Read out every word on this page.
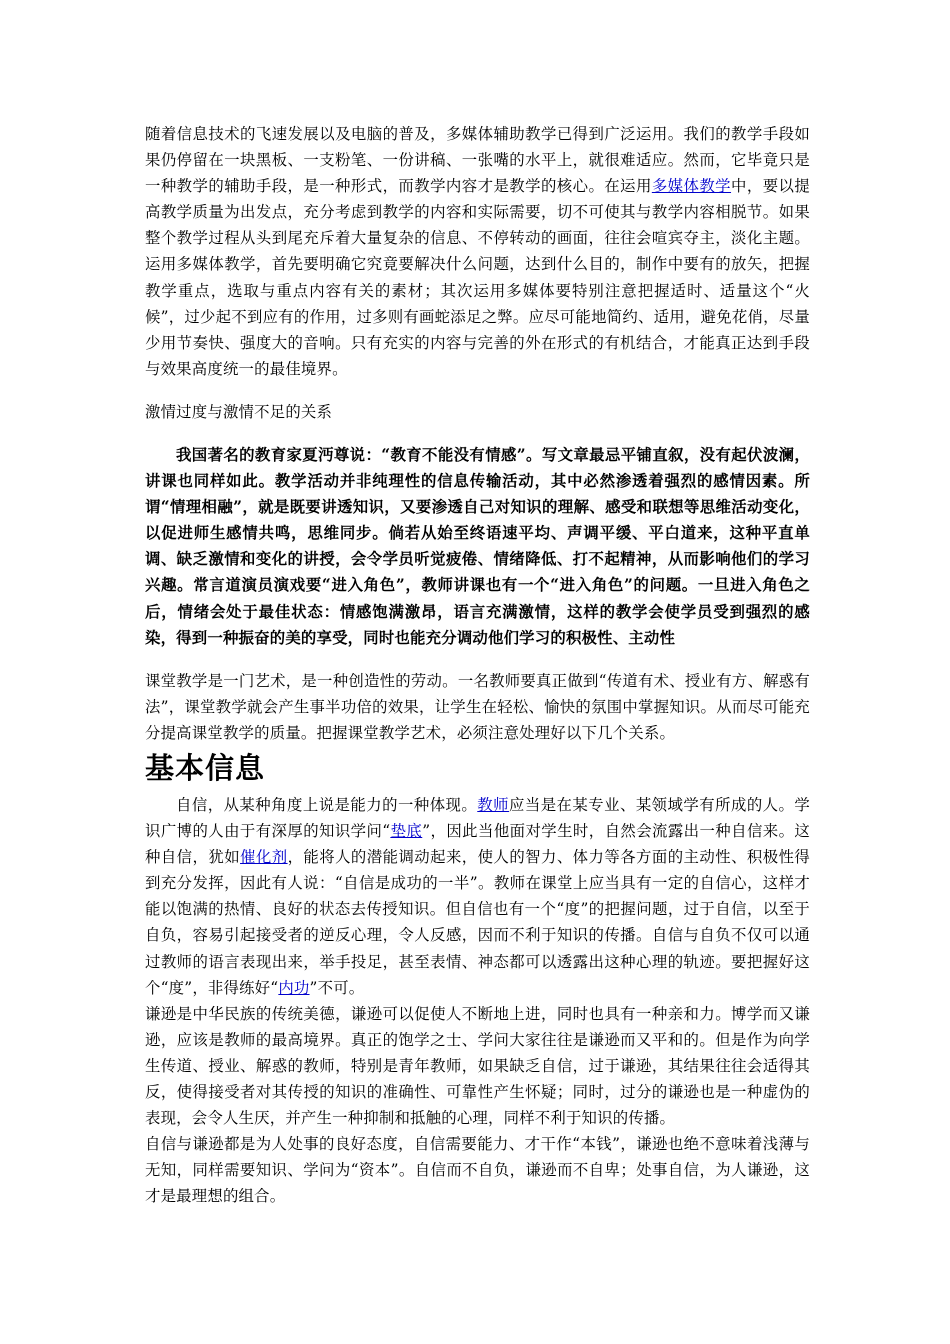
随着信息技术的飞速发展以及电脑的普及，多媒体辅助教学已得到广泛运用。我们的教学手段如果仍停留在一块黑板、一支粉笔、一份讲稿、一张嘴的水平上，就很难适应。然而，它毕竟只是一种教学的辅助手段，是一种形式，而教学内容才是教学的核心。在运用多媒体教学中，要以提高教学质量为出发点，充分考虑到教学的内容和实际需要，切不可使其与教学内容相脱节。如果整个教学过程从头到尾充斥着大量复杂的信息、不停转动的画面，往往会喧宾夺主，淡化主题。运用多媒体教学，首先要明确它究竟要解决什么问题，达到什么目的，制作中要有的放矢，把握教学重点，选取与重点内容有关的素材；其次运用多媒体要特别注意把握适时、适量这个“火候”，过少起不到应有的作用，过多则有画蛇添足之弊。应尽可能地简约、适用，避免花俏，尽量少用节奏快、强度大的音响。只有充实的内容与完善的外在形式的有机结合，才能真正达到手段与效果高度统一的最佳境界。

激情过度与激情不足的关系

我国著名的教育家夏沔尊说：“教育不能没有情感”。写文章最忌平铺直叙，没有起伏波澜，讲课也同样如此。教学活动并非纯理性的信息传输活动，其中必然渗透着强烈的感情因素。所谓“情理相融”，就是既要讲透知识，又要渗透自己对知识的理解、感受和联想等思维活动变化，以促进师生感情共鸣，思维同步。倘若从始至终语速平均、声调平缓、平白道来，这种平直单调、缺乏激情和变化的讲授，会令学员听觉疲倦、情绪降低、打不起精神，从而影响他们的学习兴趣。常言道演员演戏要“进入角色”，教师讲课也有一个“进入角色”的问题。一旦进入角色之后，情绪会处于最佳状态：情感饱满激昂，语言充满激情，这样的教学会使学员受到强烈的感染，得到一种振奋的美的享受，同时也能充分调动他们学习的积极性、主动性

课堂教学是一门艺术，是一种创造性的劳动。一名教师要真正做到“传道有术、授业有方、解惑有法”，课堂教学就会产生事半功倍的效果，让学生在轻松、愉快的氛围中掌握知识。从而尽可能充分提高课堂教学的质量。把握课堂教学艺术，必须注意处理好以下几个关系。

基本信息

自信，从某种角度上说是能力的一种体现。教师应当是在某专业、某领域学有所成的人。学识广博的人由于有深厚的知识学问“垫底”，因此当他面对学生时，自然会流露出一种自信来。这种自信，犹如催化剂，能将人的潜能调动起来，使人的智力、体力等各方面的主动性、积极性得到充分发挥，因此有人说：“自信是成功的一半”。教师在课堂上应当具有一定的自信心，这样才能以饱满的热情、良好的状态去传授知识。但自信也有一个“度”的把握问题，过于自信，以至于自负，容易引起接受者的逆反心理，令人反感，因而不利于知识的传播。自信与自负不仅可以通过教师的语言表现出来，举手投足，甚至表情、神态都可以透露出这种心理的轨迹。要把握好这个“度”，非得练好“内功”不可。

谦逊是中华民族的传统美德，谦逊可以促使人不断地上进，同时也具有一种亲和力。博学而又谦逊，应该是教师的最高境界。真正的饱学之士、学问大家往往是谦逊而又平和的。但是作为向学生传道、授业、解惑的教师，特别是青年教师，如果缺乏自信，过于谦逊，其结果往往会适得其反，使得接受者对其传授的知识的准确性、可靠性产生怀疑；同时，过分的谦逊也是一种虚伪的表现，会令人生厌，并产生一种抑制和抵触的心理，同样不利于知识的传播。

自信与谦逊都是为人处事的良好态度，自信需要能力、才干作“本钱”，谦逊也绝不意味着浅薄与无知，同样需要知识、学问为“资本”。自信而不自负，谦逊而不自卑；处事自信，为人谦逊，这才是最理想的组合。
